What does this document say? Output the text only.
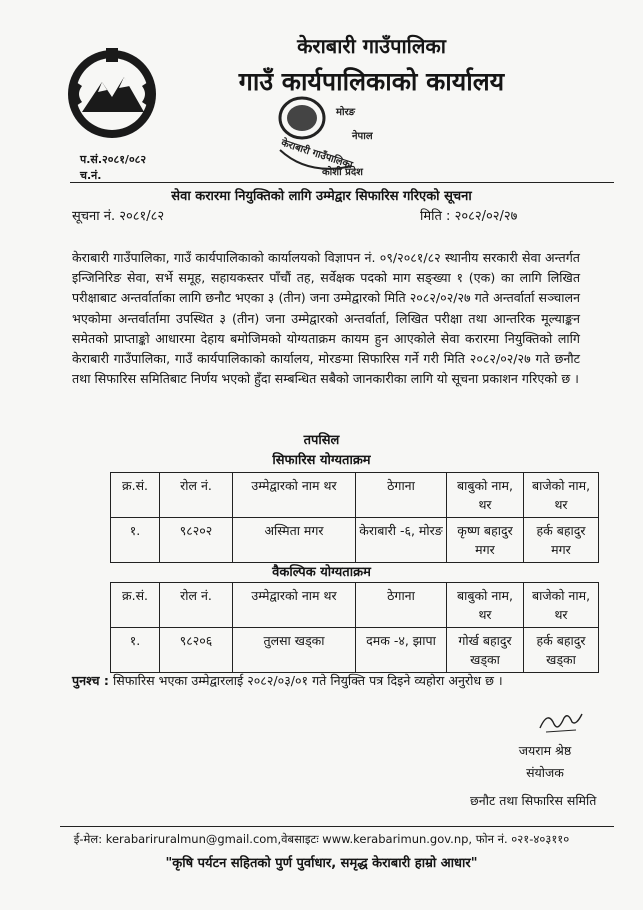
केराबारी गाउँपालिका
गाउँ कार्यपालिकाको कार्यालय
मोरङ
केराबारी गाउँपालिका
कोशी प्रदेश
नेपाल
प.सं.२०८१/०८२
च.नं.
सेवा करारमा नियुक्तिको लागि उम्मेद्वार सिफारिस गरिएको सूचना
सूचना नं. २०८१/८२	मिति : २०८२/०२/२७
केराबारी गाउँपालिका, गाउँ कार्यपालिकाको कार्यालयको विज्ञापन नं. ०९/२०८१/८२ स्थानीय सरकारी सेवा अन्तर्गत इन्जिनिरिङ सेवा, सर्भे समूह, सहायकस्तर पाँचौं तह, सर्वेक्षक पदको माग सङ्ख्या १ (एक) का लागि लिखित परीक्षाबाट अन्तर्वार्ताका लागि छनौट भएका ३ (तीन) जना उम्मेद्वारको मिति २०८२/०२/२७ गते अन्तर्वार्ता सञ्चालन भएकोमा अन्तर्वार्तामा उपस्थित ३ (तीन) जना उम्मेद्वारको अन्तर्वार्ता, लिखित परीक्षा तथा आन्तरिक मूल्याङ्कन समेतको प्राप्ताङ्को आधारमा देहाय बमोजिमको योग्यताक्रम कायम हुन आएकोले सेवा करारमा नियुक्तिको लागि केराबारी गाउँपालिका, गाउँ कार्यपालिकाको कार्यालय, मोरङमा सिफारिस गर्ने गरी मिति २०८२/०२/२७ गते छनौट तथा सिफारिस समितिबाट निर्णय भएको हुँदा सम्बन्धित सबैको जानकारीका लागि यो सूचना प्रकाशन गरिएको छ ।
तपसिल
सिफारिस योग्यताक्रम
क्र.सं.	रोल नं.	उम्मेद्वारको नाम थर	ठेगाना	बाबुको नाम, थर	बाजेको नाम, थर
१.	९८२०२	अस्मिता मगर	केराबारी -६, मोरङ	कृष्ण बहादुर मगर	हर्क बहादुर मगर
वैकल्पिक योग्यताक्रम
क्र.सं.	रोल नं.	उम्मेद्वारको नाम थर	ठेगाना	बाबुको नाम, थर	बाजेको नाम, थर
१.	९८२०६	तुलसा खड्का	दमक -४, झापा	गोर्ख बहादुर खड्का	हर्क बहादुर खड्का
पुनश्च : सिफारिस भएका उम्मेद्वारलाई २०८२/०३/०१ गते नियुक्ति पत्र दिइने व्यहोरा अनुरोध छ ।
जयराम श्रेष्ठ
संयोजक
छनौट तथा सिफारिस समिति
ई-मेल: kerabariruralmun@gmail.com,वेबसाइटः www.kerabarimun.gov.np, फोन नं. ०२१-४०३११०
"कृषि पर्यटन सहितको पुर्ण पुर्वाधार, समृद्ध केराबारी हाम्रो आधार"
